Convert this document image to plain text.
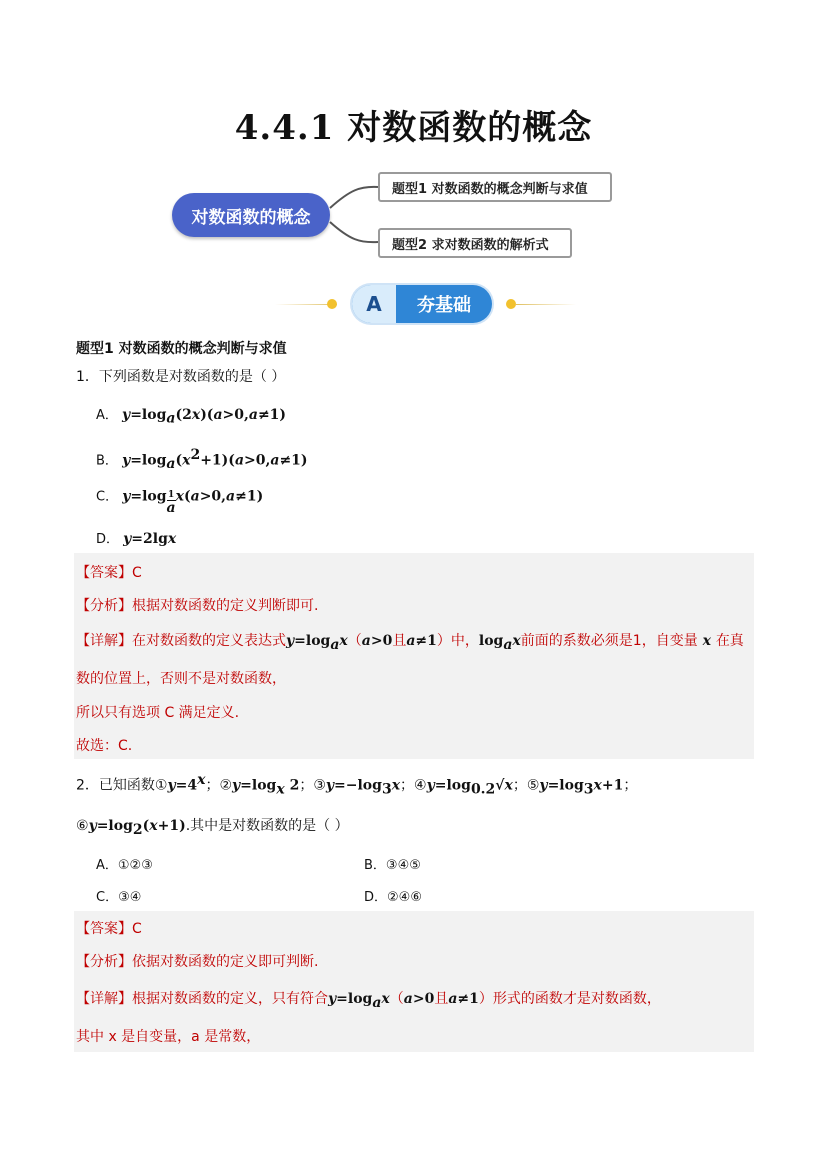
4.4.1 对数函数的概念
对数函数的概念
题型1 对数函数的概念判断与求值
题型2 求对数函数的解析式
A	夯基础
题型1 对数函数的概念判断与求值
1．下列函数是对数函数的是（ ）
A． $y=\log_a(2x)(a>0,a\ne 1)$
B． $y=\log_a(x^2+1)(a>0,a\ne 1)$
C． $y=\log \frac{1}{a} x(a>0,a\ne 1)$
D． y=2lgx
【答案】C
【分析】根据对数函数的定义判断即可.
【详解】在对数函数的定义表达式$y=\log_ax(a>0$且a≠1）中，$\log_ax$前面的系数必须是1，自变量 x 在真
数的位置上，否则不是对数函数，
所以只有选项 C 满足定义.
故选：C.
2．已知函数$①y=4^x$；$②y=\log_x$ 2；$③y=-\log_3x$；$④y=\log_{0.2}√x$；$⑤y=\log_3x+1$；
$⑥y=\log_2(x+1)$.其中是对数函数的是（ ）
A．①②③	B．③④⑤
C．③④	D．②④⑥
【答案】C
【分析】依据对数函数的定义即可判断.
【详解】根据对数函数的定义，只有符合$y=\log_ax(a>0$且a≠1）形式的函数才是对数函数，
其中 x 是自变量，a 是常数，
